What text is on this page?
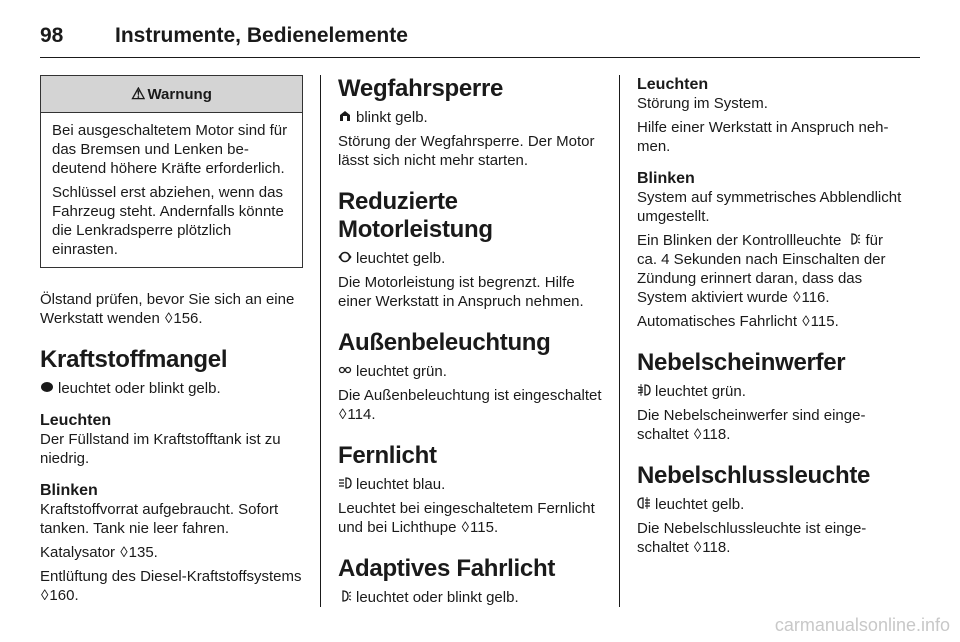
98	Instrumente, Bedienelemente
⚠ Warnung

Bei ausgeschaltetem Motor sind für das Bremsen und Lenken bedeutend höhere Kräfte erforderlich.

Schlüssel erst abziehen, wenn das Fahrzeug steht. Andernfalls könnte die Lenkradsperre plötzlich einrasten.

Ölstand prüfen, bevor Sie sich an eine Werkstatt wenden ◊156.

Kraftstoffmangel

leuchtet oder blinkt gelb.

Leuchten

Der Füllstand im Kraftstofftank ist zu niedrig.

Blinken

Kraftstoffvorrat aufgebraucht. Sofort tanken. Tank nie leer fahren.

Katalysator ◊135.

Entlüftung des Diesel-Kraftstoffsystems ◊160.

Wegfahrsperre

blinkt gelb.

Störung der Wegfahrsperre. Der Motor lässt sich nicht mehr starten.

Reduzierte Motorleistung

leuchtet gelb.

Die Motorleistung ist begrenzt. Hilfe einer Werkstatt in Anspruch nehmen.

Außenbeleuchtung

leuchtet grün.

Die Außenbeleuchtung ist eingeschaltet ◊114.

Fernlicht

leuchtet blau.

Leuchtet bei eingeschaltetem Fernlicht und bei Lichthupe ◊115.

Adaptives Fahrlicht

leuchtet oder blinkt gelb.

Leuchten

Störung im System.

Hilfe einer Werkstatt in Anspruch nehmen.

Blinken

System auf symmetrisches Abblendlicht umgestellt.

Ein Blinken der Kontrollleuchte für ca. 4 Sekunden nach Einschalten der Zündung erinnert daran, dass das System aktiviert wurde ◊116.

Automatisches Fahrlicht ◊115.

Nebelscheinwerfer

leuchtet grün.

Die Nebelscheinwerfer sind eingeschaltet ◊118.

Nebelschlussleuchte

leuchtet gelb.

Die Nebelschlussleuchte ist eingeschaltet ◊118.

carmanualsonline.info
